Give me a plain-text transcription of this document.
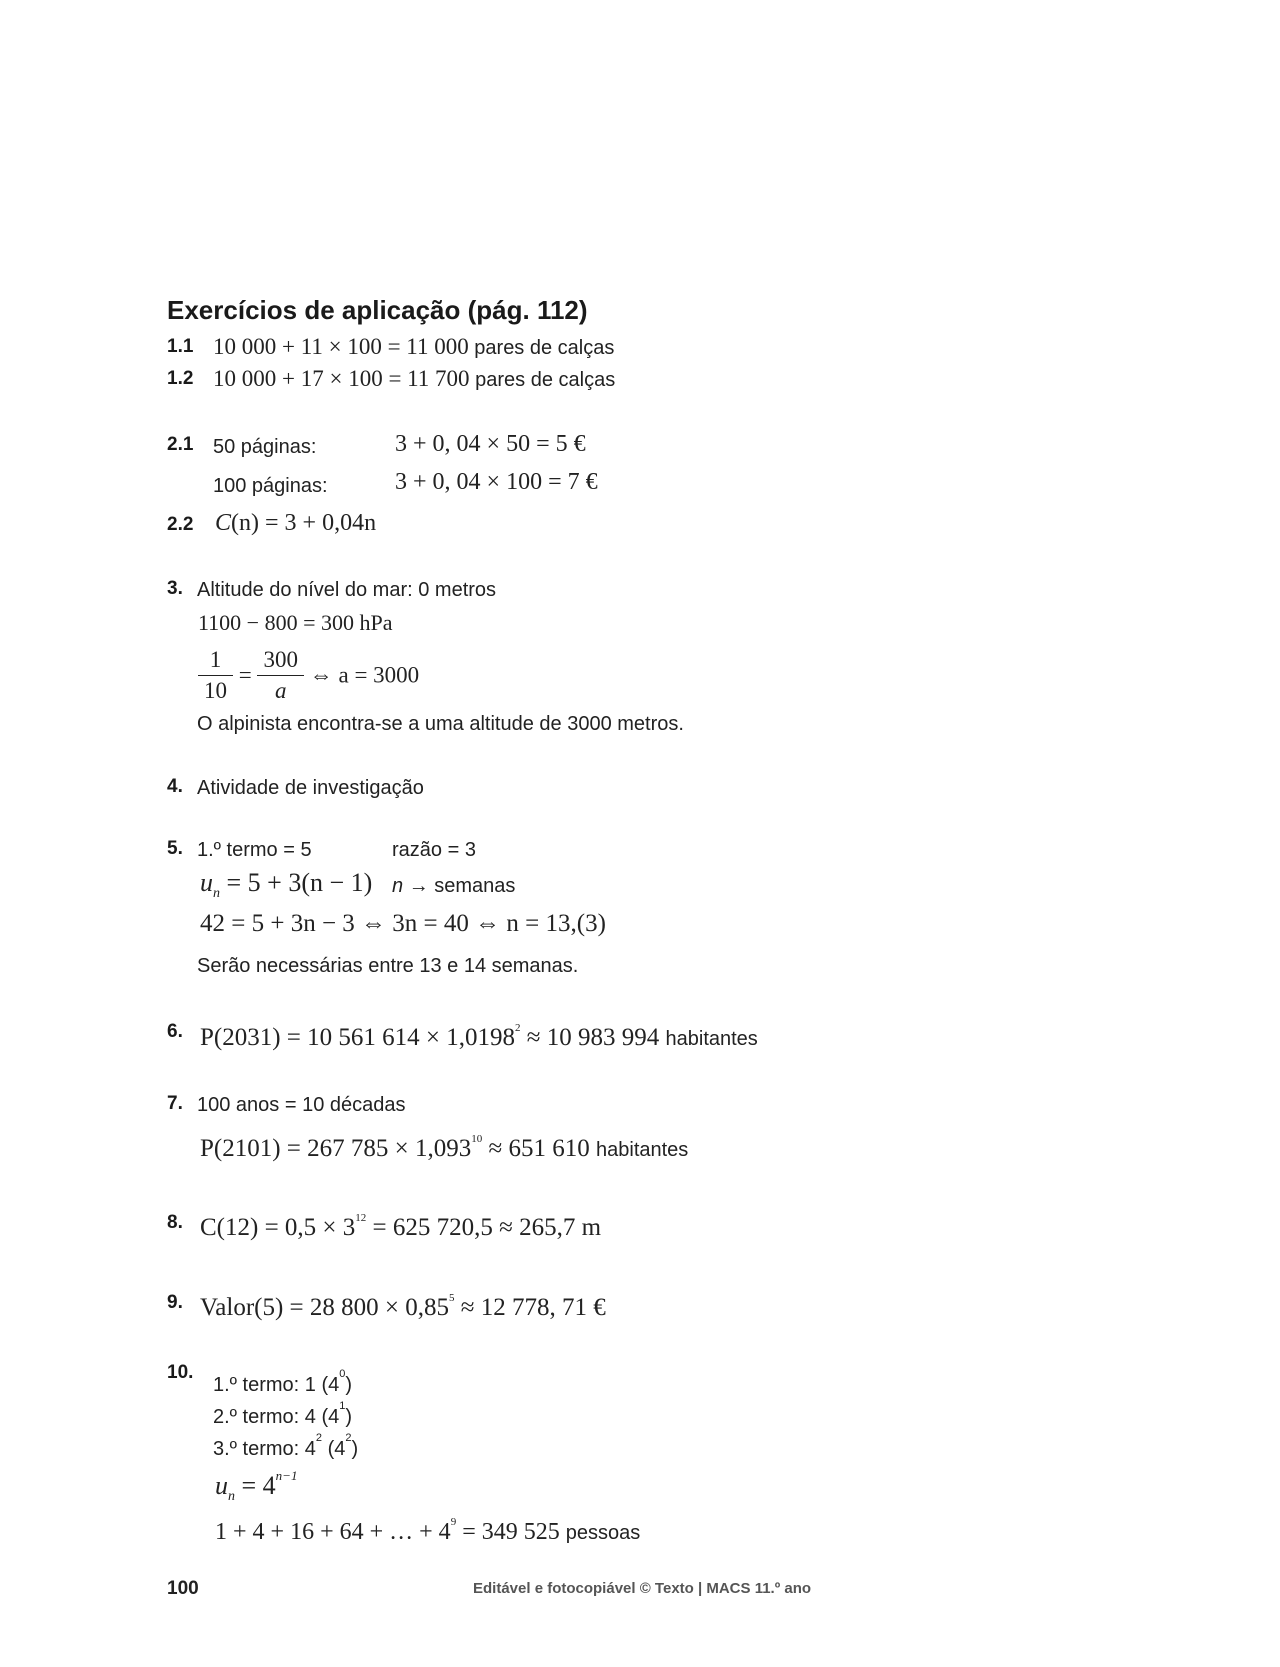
Exercícios de aplicação (pág. 112)
1.1 10 000 + 11 × 100 = 11 000 pares de calças
1.2 10 000 + 17 × 100 = 11 700 pares de calças
2.1 50 páginas:	3 + 0, 04 × 50 = 5 €
100 páginas:	3 + 0, 04 × 100 = 7 €
2.2 C(n) = 3 + 0,04n
3. Altitude do nível do mar: 0 metros
1100 − 800 = 300 hPa
$\frac{1}{10} = \frac{300}{a}$ ⇔ a = 3000
O alpinista encontra-se a uma altitude de 3000 metros.
4. Atividade de investigação
5. 1.º termo = 5	razão = 3
$u_n = 5 + 3(n - 1) n$ → semanas
42 = 5 + 3n − 3 ⇔ 3n = 40 ⇔ n = 13,(3)
Serão necessárias entre 13 e 14 semanas.
6. P(2031) = 10 561 $614 \times 1,0198^2 \approx 10$ 983 994 habitantes
7. 100 anos = 10 décadas
P(2101) = 267 $785 \times 1,093^{10} \approx 651$ 610 habitantes
8. $C(12) = 0,5 \times 3^{12} = 625$ 720,5 ≈ 265,7 m
9. Valor(5) = 28 $800 \times 0,85^5 \approx 12$ 778, 71 €
10.
1.º termo: 1 $(4^0)$
2.º termo: 4 $(4^1)$
3.º termo: $4^2$ $(4^2)$
$u_n = 4^{n-1}$
1 + 4 + 16 + 64 + … + $4^9 = 349$ 525 pessoas
100	Editável e fotocopiável © Texto | MACS 11.º ano
